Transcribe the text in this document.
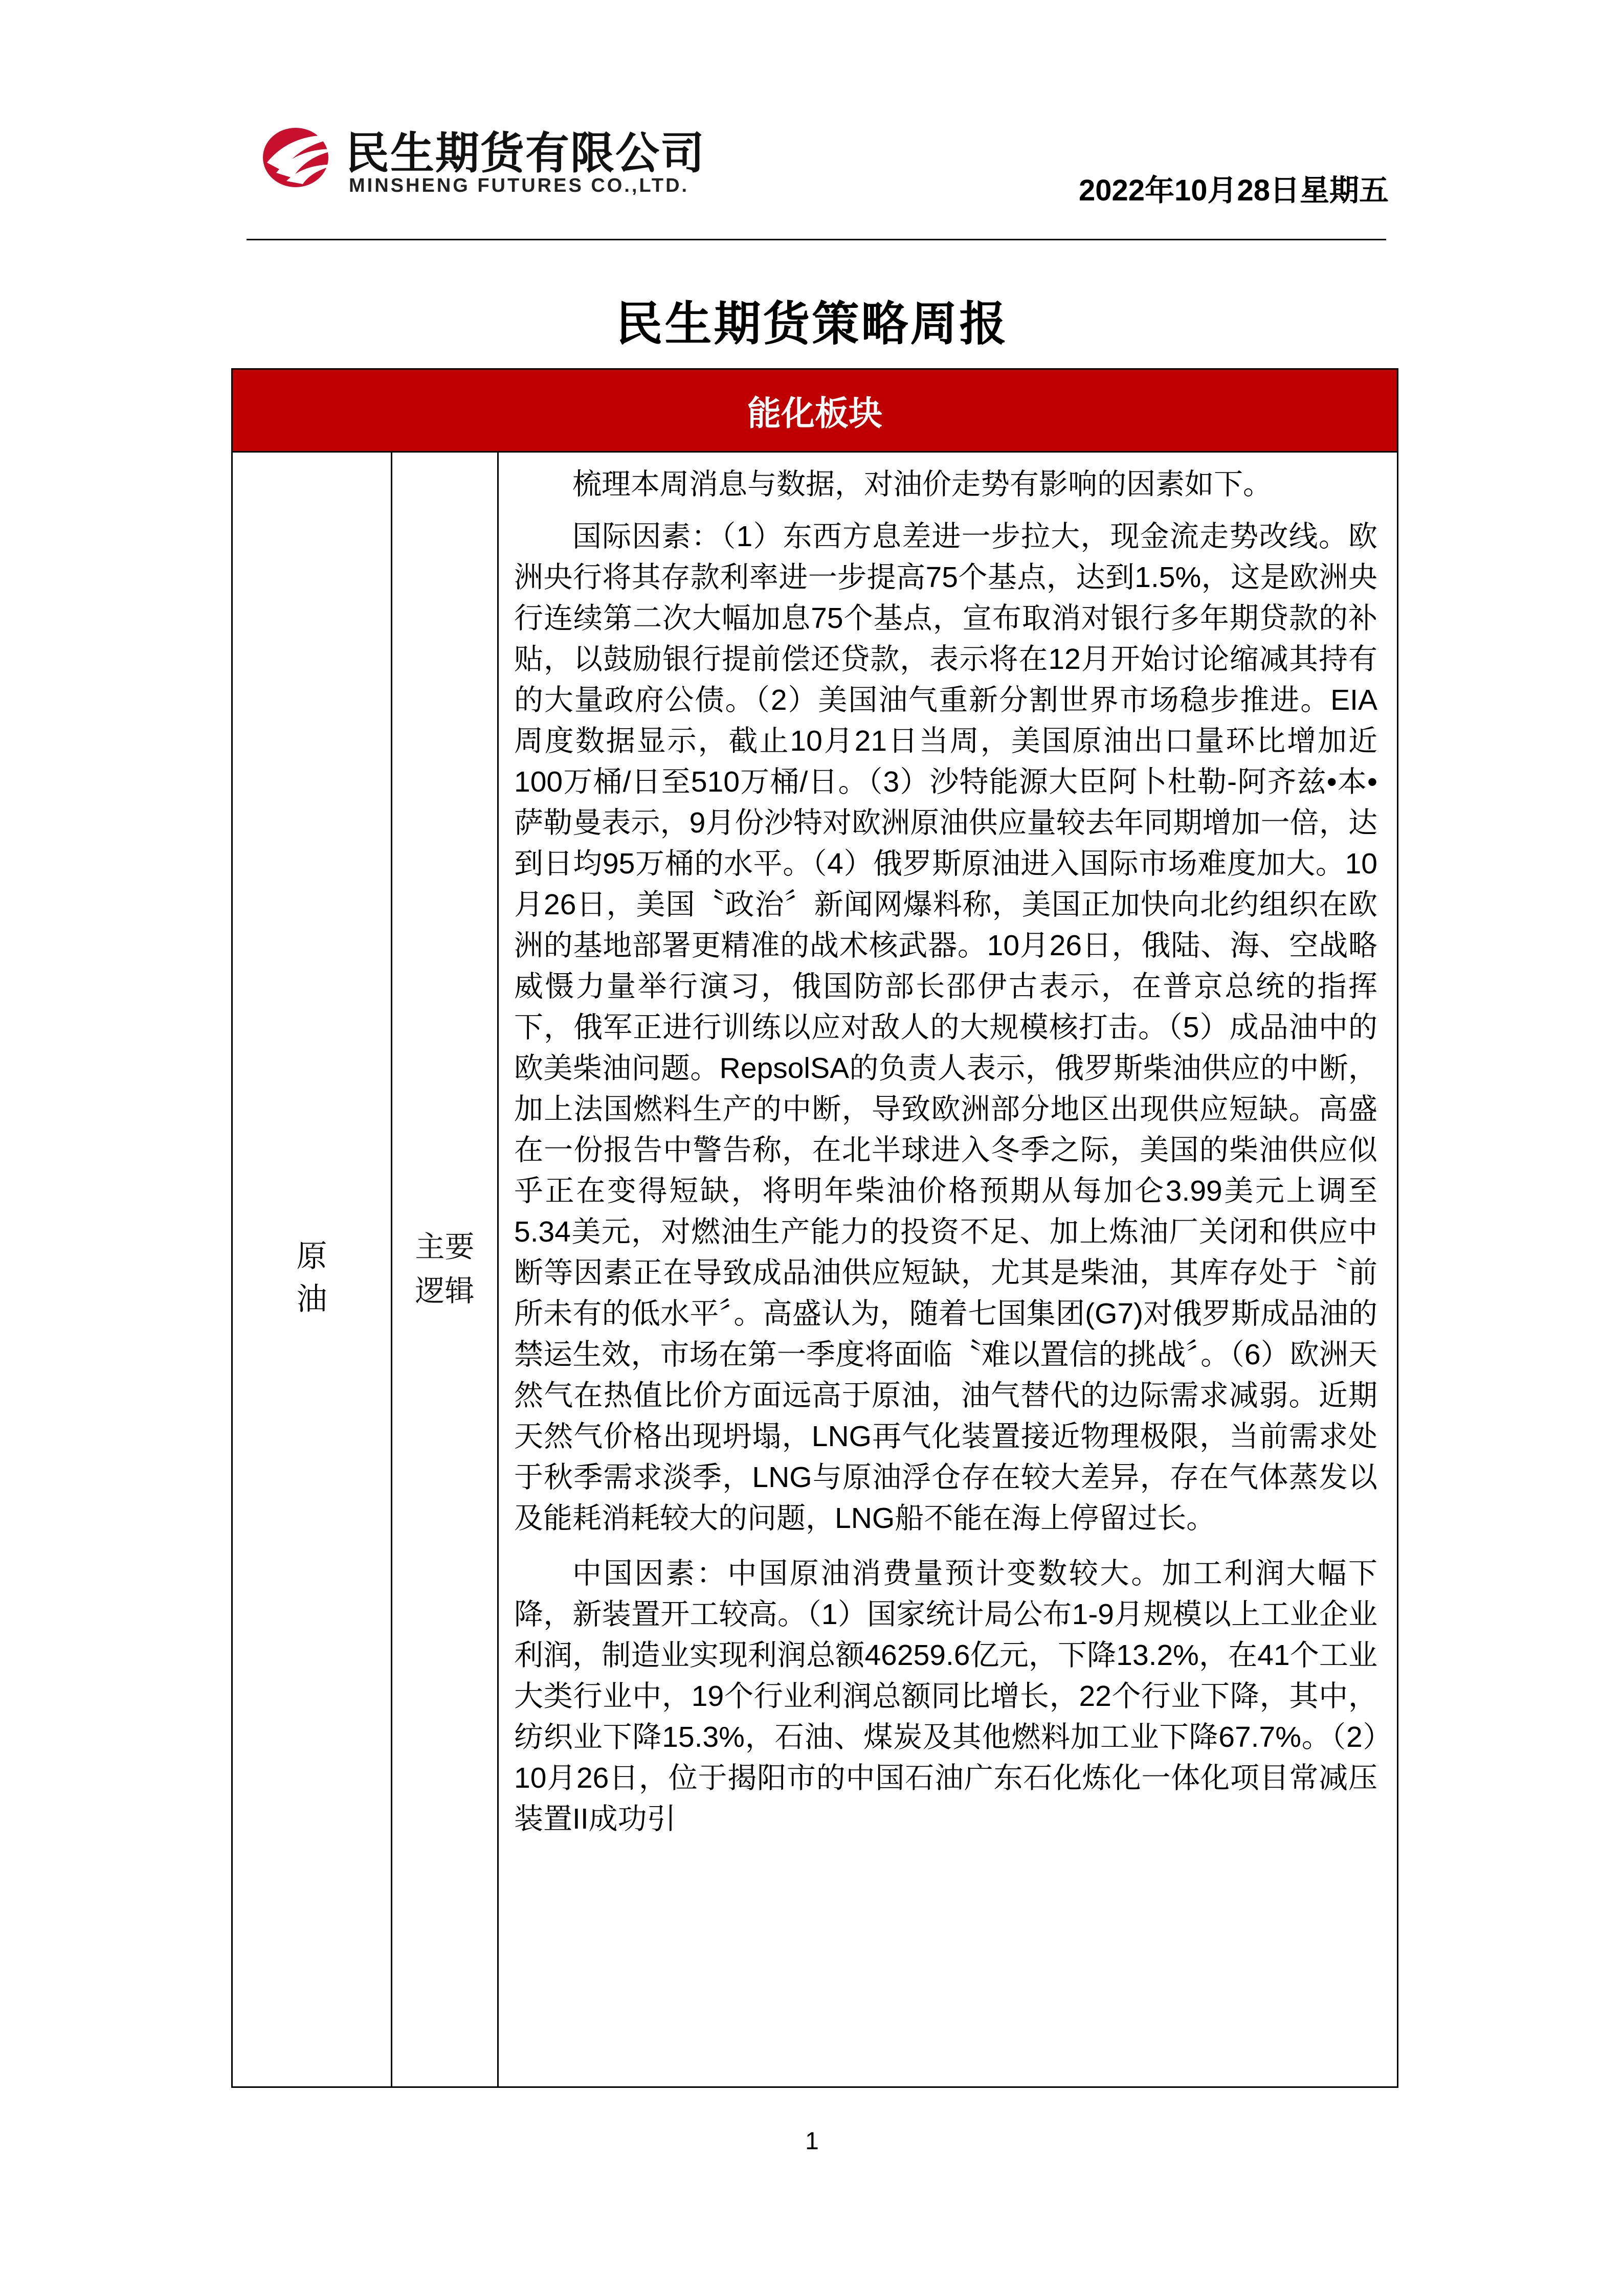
民生期货有限公司
MINSHENG FUTURES CO.,LTD.	2022年10月28日星期五
民生期货策略周报
能化板块
原
油
主要
逻辑

梳理本周消息与数据，对油价走势有影响的因素如下。

国际因素：（1）东西方息差进一步拉大，现金流走势改线。欧洲央行将其存款利率进一步提高75个基点，达到1.5%，这是欧洲央行连续第二次大幅加息75个基点，宣布取消对银行多年期贷款的补贴，以鼓励银行提前偿还贷款，表示将在12月开始讨论缩减其持有的大量政府公债。（2）美国油气重新分割世界市场稳步推进。EIA周度数据显示，截止10月21日当周，美国原油出口量环比增加近100万桶/日至510万桶/日。（3）沙特能源大臣阿卜杜勒-阿齐兹•本•萨勒曼表示，9月份沙特对欧洲原油供应量较去年同期增加一倍，达到日均95万桶的水平。（4）俄罗斯原油进入国际市场难度加大。10月26日，美国〝政治〞新闻网爆料称，美国正加快向北约组织在欧洲的基地部署更精准的战术核武器。10月26日，俄陆、海、空战略威慑力量举行演习，俄国防部长邵伊古表示，在普京总统的指挥下，俄军正进行训练以应对敌人的大规模核打击。（5）成品油中的欧美柴油问题。RepsolSA的负责人表示，俄罗斯柴油供应的中断，加上法国燃料生产的中断，导致欧洲部分地区出现供应短缺。高盛在一份报告中警告称，在北半球进入冬季之际，美国的柴油供应似乎正在变得短缺，将明年柴油价格预期从每加仑3.99美元上调至5.34美元，对燃油生产能力的投资不足、加上炼油厂关闭和供应中断等因素正在导致成品油供应短缺，尤其是柴油，其库存处于〝前所未有的低水平〞。高盛认为，随着七国集团(G7)对俄罗斯成品油的禁运生效，市场在第一季度将面临〝难以置信的挑战〞。（6）欧洲天然气在热值比价方面远高于原油，油气替代的边际需求减弱。近期天然气价格出现坍塌，LNG再气化装置接近物理极限，当前需求处于秋季需求淡季，LNG与原油浮仓存在较大差异，存在气体蒸发以及能耗消耗较大的问题，LNG船不能在海上停留过长。

中国因素：中国原油消费量预计变数较大。加工利润大幅下降，新装置开工较高。（1）国家统计局公布1-9月规模以上工业企业利润，制造业实现利润总额46259.6亿元，下降13.2%，在41个工业大类行业中，19个行业利润总额同比增长，22个行业下降，其中，纺织业下降15.3%，石油、煤炭及其他燃料加工业下降67.7%。（2）10月26日，位于揭阳市的中国石油广东石化炼化一体化项目常减压装置II成功引

1
